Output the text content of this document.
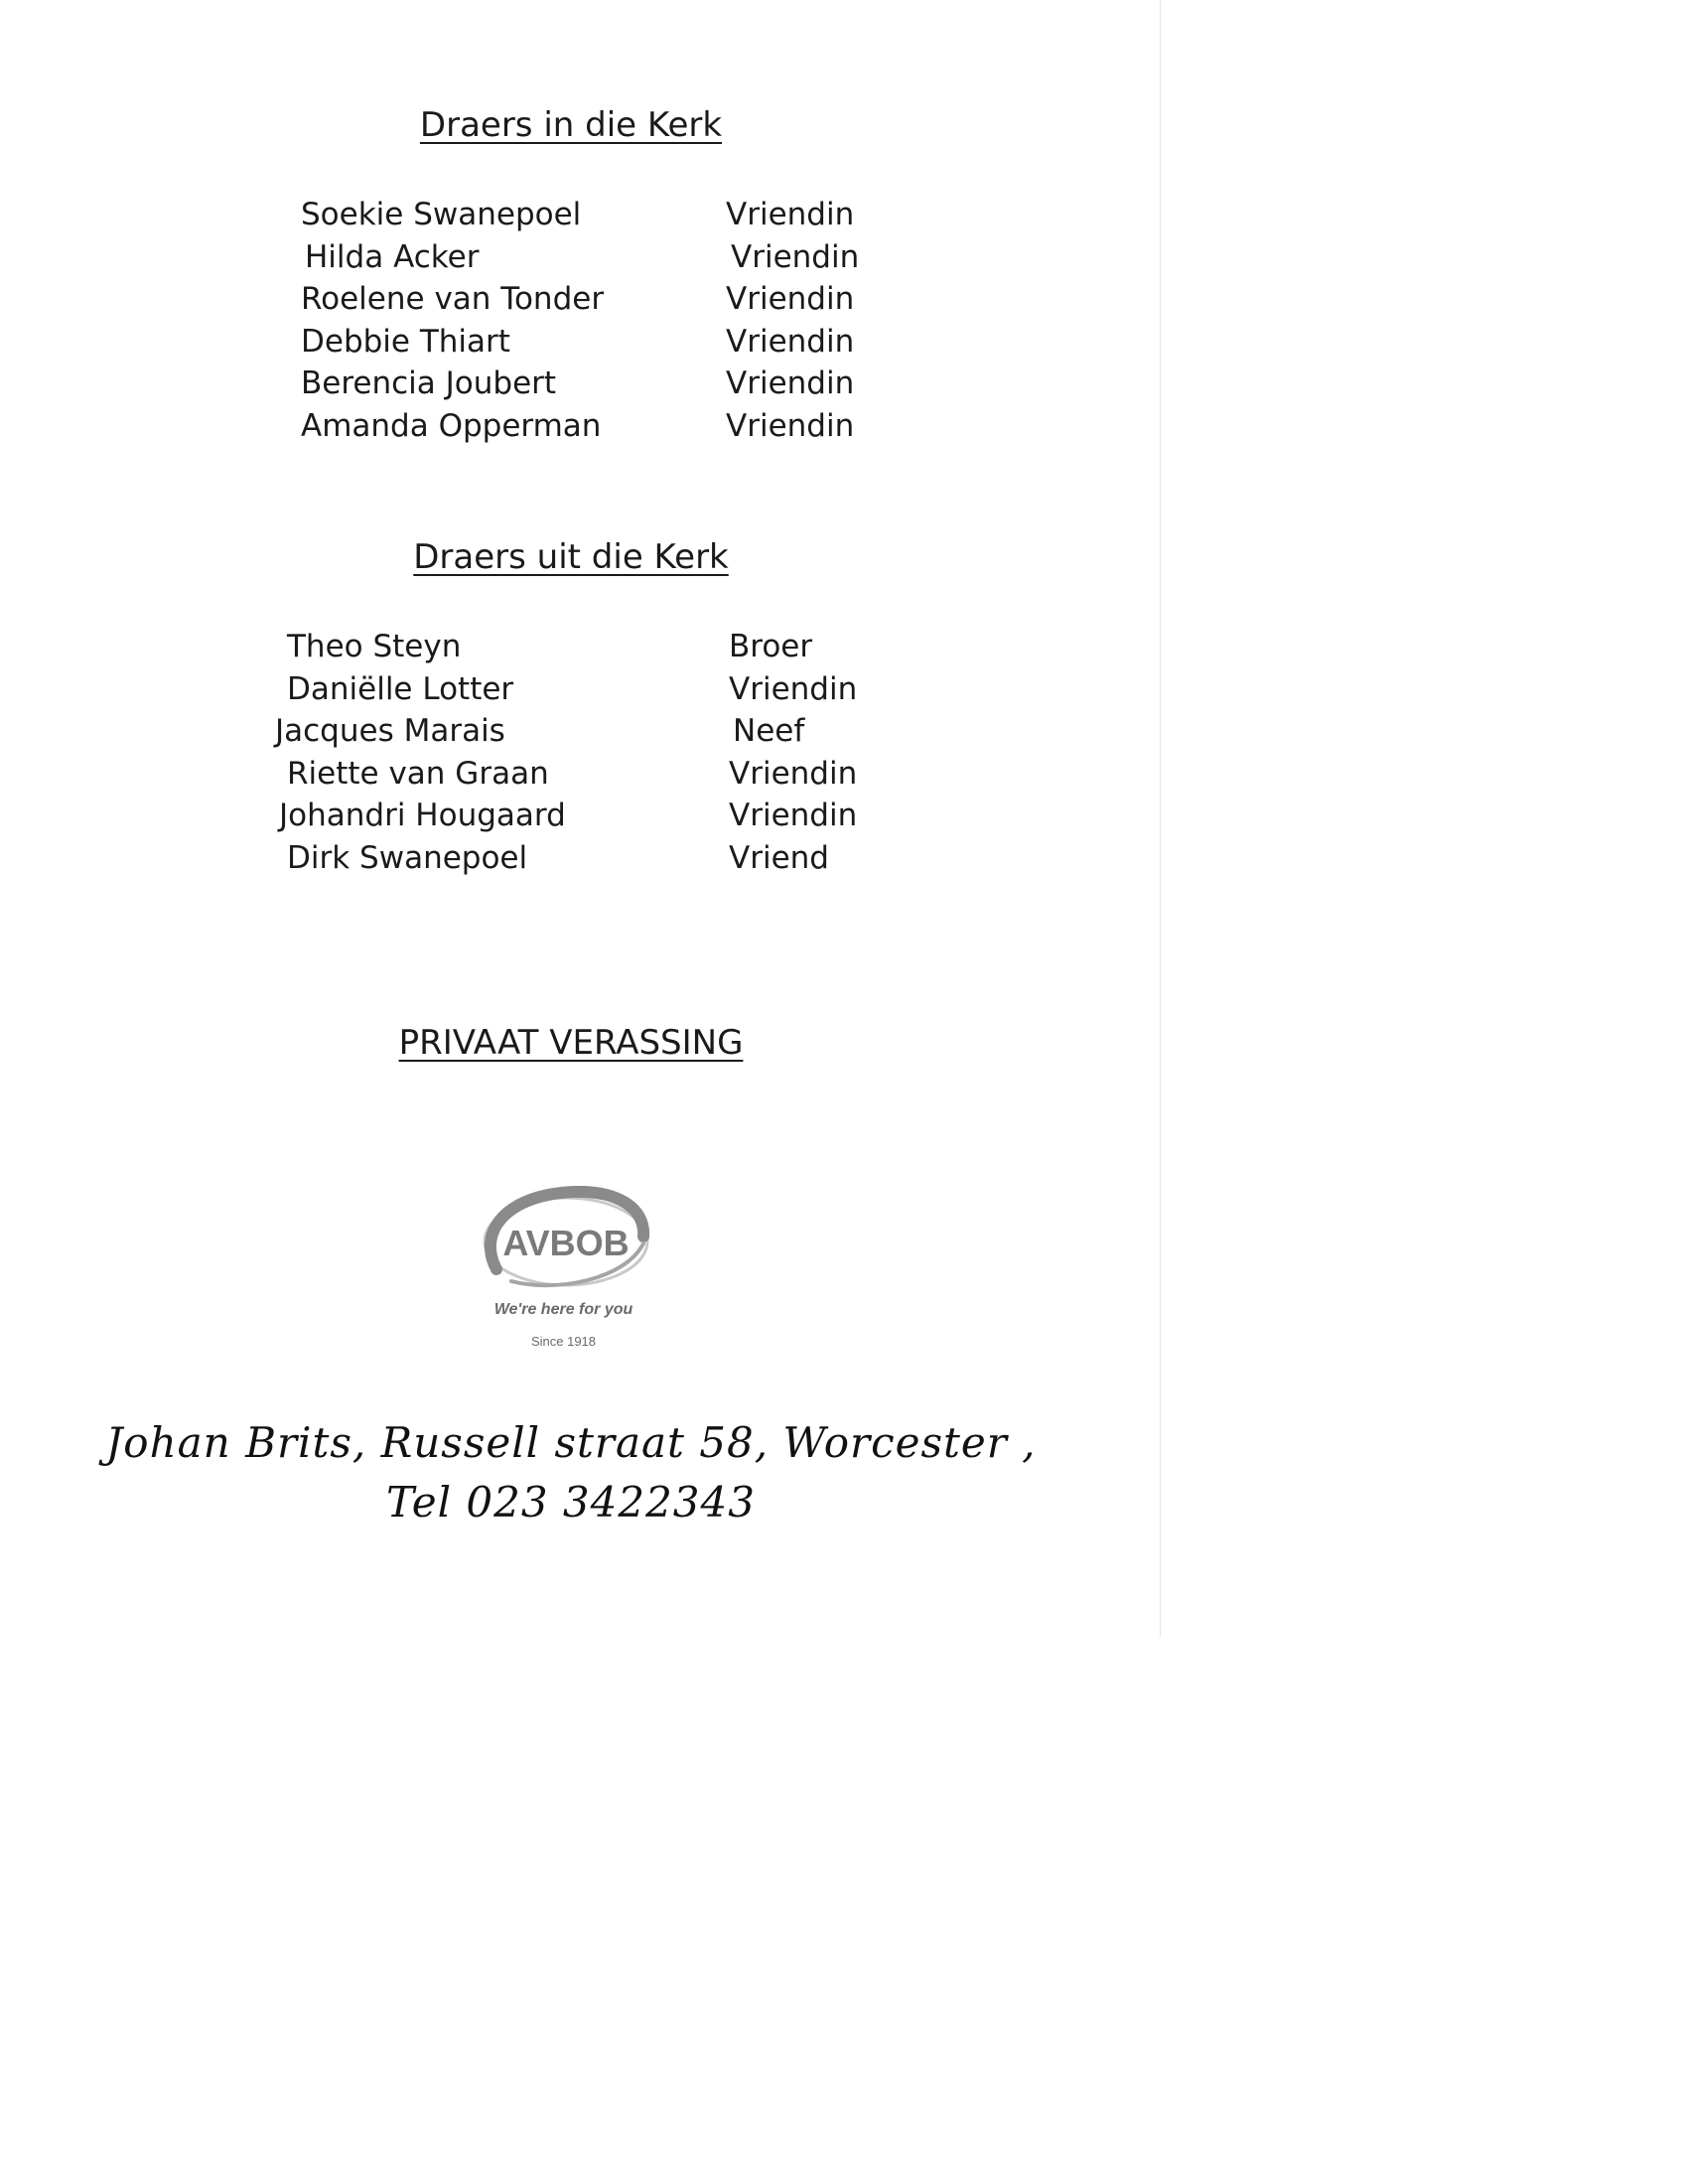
Draers in die Kerk
Soekie Swanepoel	Vriendin
Hilda Acker	Vriendin
Roelene van Tonder	Vriendin
Debbie Thiart	Vriendin
Berencia Joubert	Vriendin
Amanda Opperman	Vriendin
Draers uit die Kerk
Theo Steyn	Broer
Daniëlle Lotter	Vriendin
Jacques Marais	Neef
Riette van Graan	Vriendin
Johandri Hougaard	Vriendin
Dirk Swanepoel	Vriend
PRIVAAT VERASSING
AVBOB
We're here for you
Since 1918
Johan Brits, Russell straat 58, Worcester ,
Tel 023 3422343
